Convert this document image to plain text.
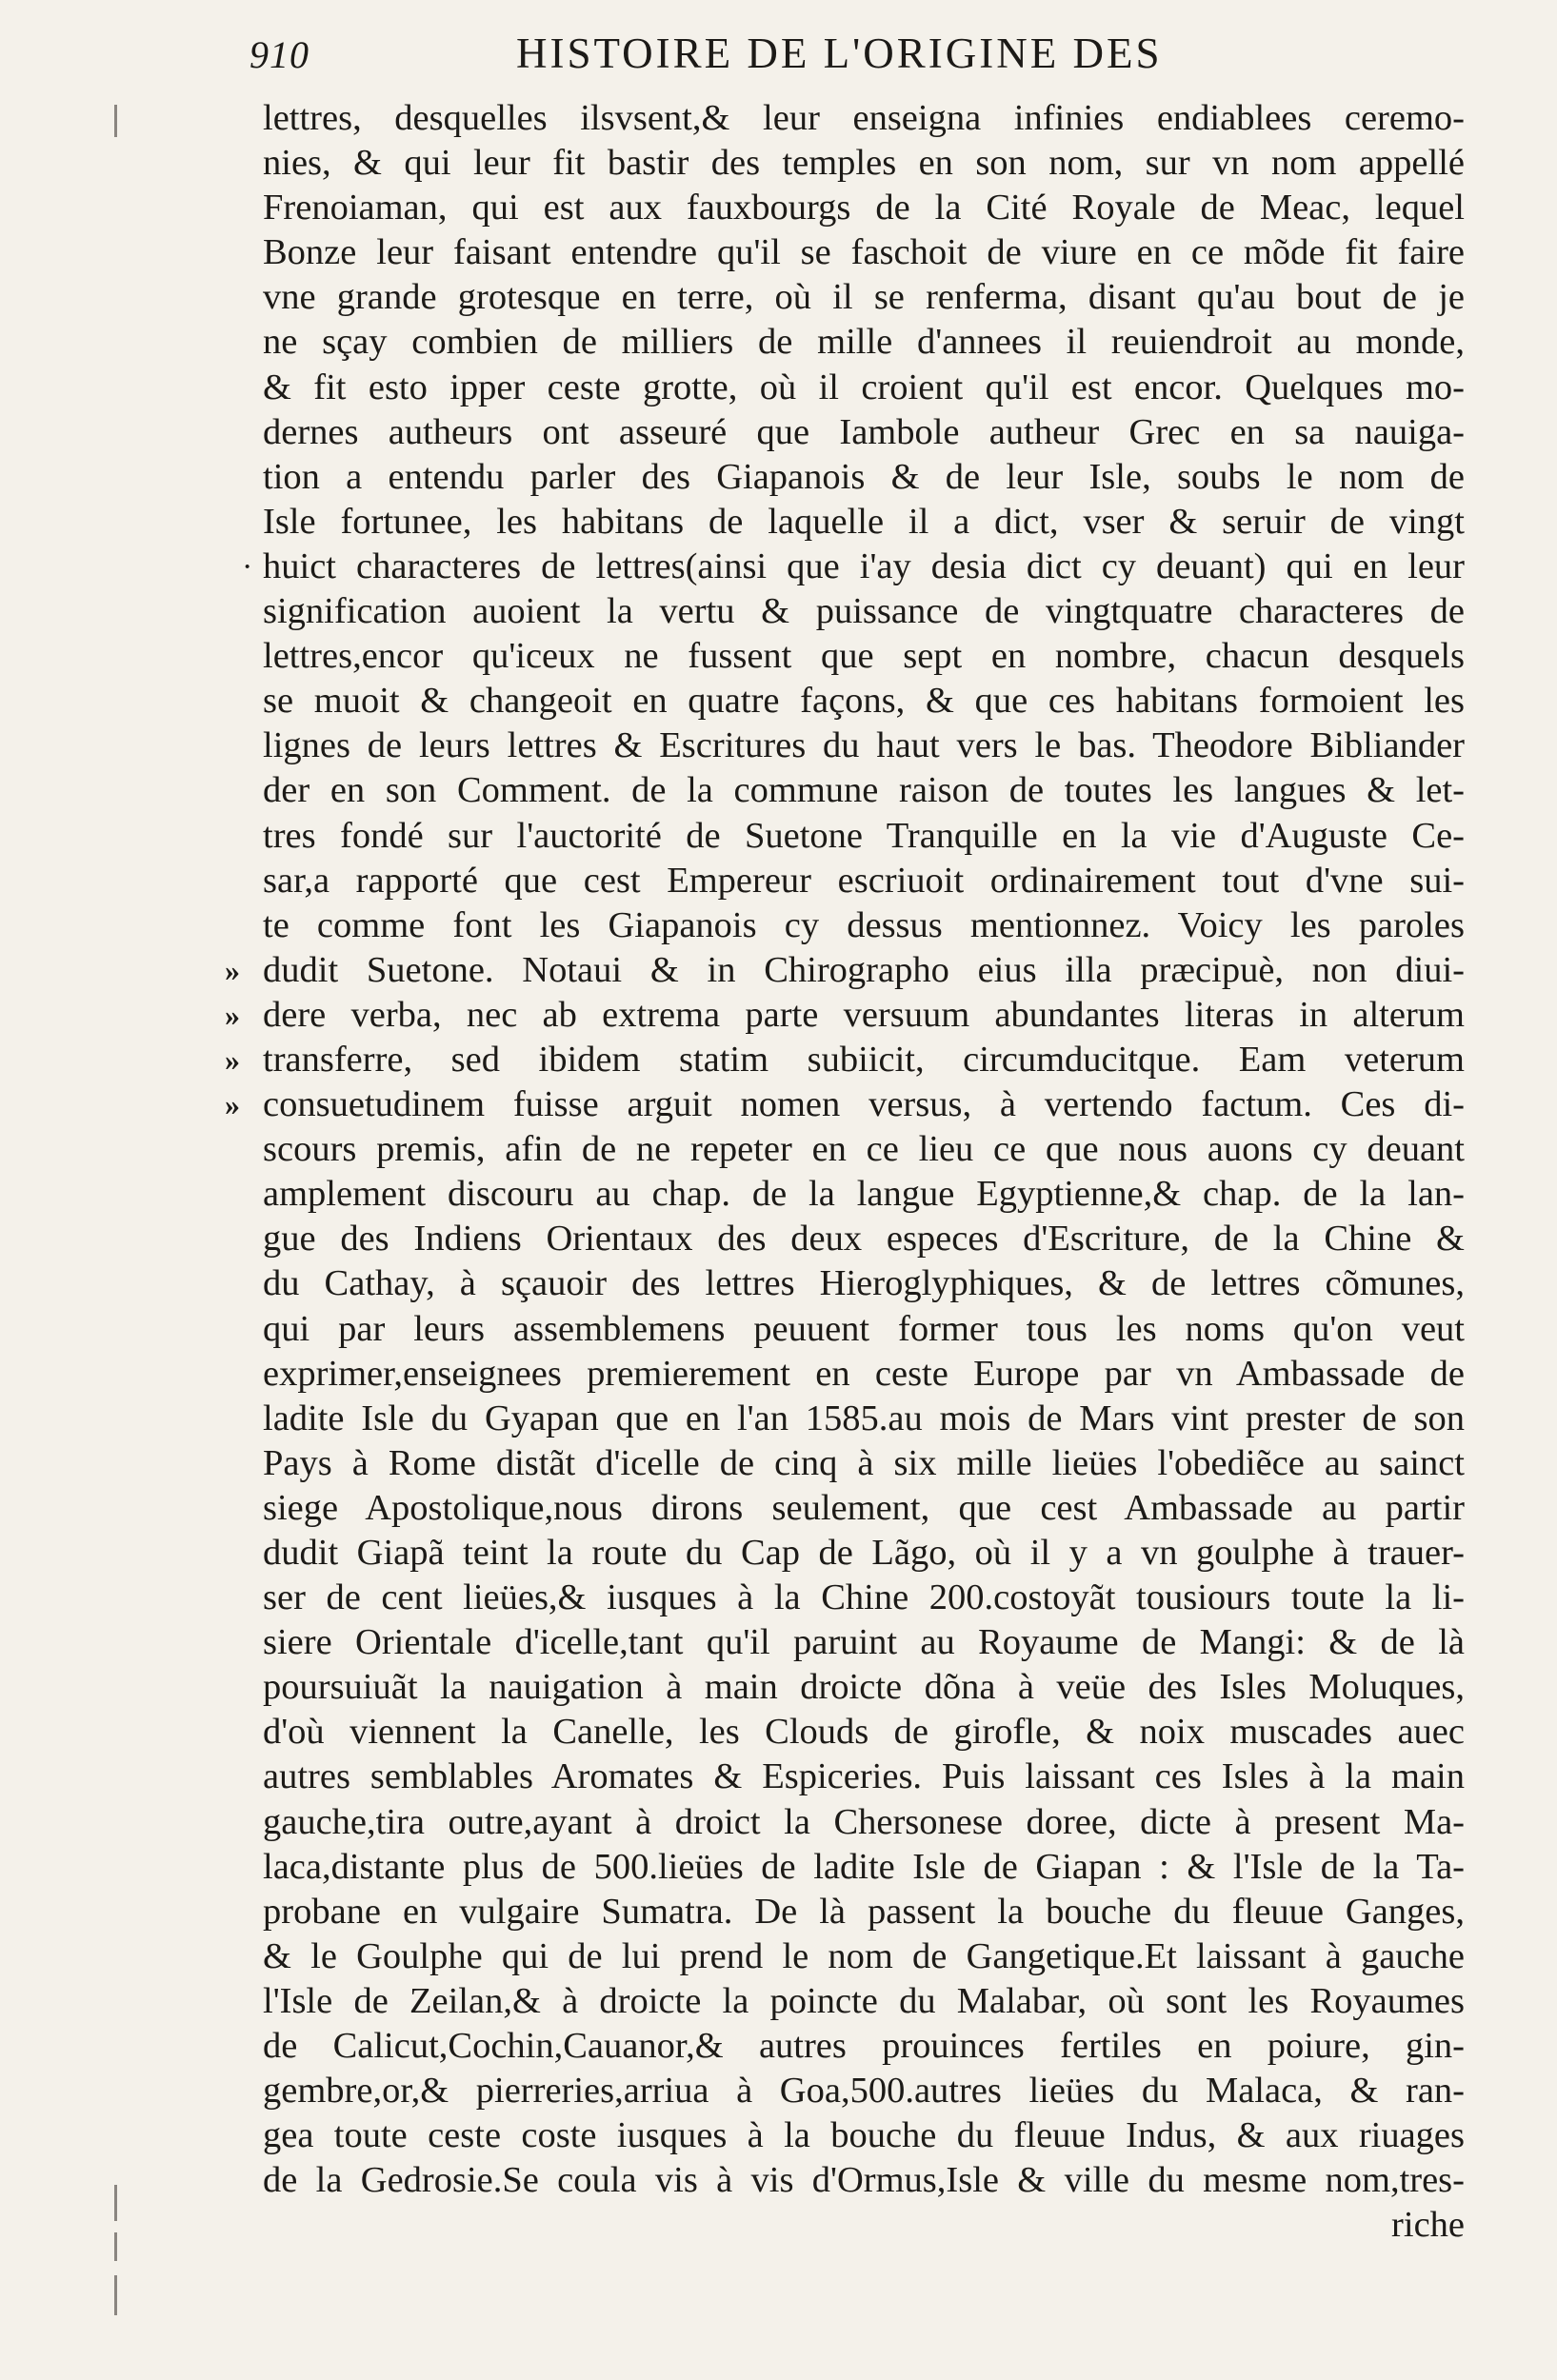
910	HISTOIRE DE L'ORIGINE DES
lettres, desquelles ilsvsent,& leur enseigna infinies endiablees ceremo-
nies, & qui leur fit bastir des temples en son nom, sur vn nom appellé
Frenoiaman, qui est aux fauxbourgs de la Cité Royale de Meac, lequel
Bonze leur faisant entendre qu'il se faschoit de viure en ce mõde fit faire
vne grande grotesque en terre, où il se renferma, disant qu'au bout de je
ne sçay combien de milliers de mille d'annees il reuiendroit au monde,
& fit esto ipper ceste grotte, où il croient qu'il est encor. Quelques mo-
dernes autheurs ont asseuré que Iambole autheur Grec en sa nauiga-
tion a entendu parler des Giapanois & de leur Isle, soubs le nom de
Isle fortunee, les habitans de laquelle il a dict, vser & seruir de vingt
· huict characteres de lettres(ainsi que i'ay desia dict cy deuant) qui en leur
signification auoient la vertu & puissance de vingtquatre characteres de
lettres,encor qu'iceux ne fussent que sept en nombre, chacun desquels
se muoit & changeoit en quatre façons, & que ces habitans formoient les
lignes de leurs lettres & Escritures du haut vers le bas. Theodore Bibliander
der en son Comment. de la commune raison de toutes les langues & let-
tres fondé sur l'auctorité de Suetone Tranquille en la vie d'Auguste Ce-
sar,a rapporté que cest Empereur escriuoit ordinairement tout d'vne sui-
te comme font les Giapanois cy dessus mentionnez. Voicy les paroles
» dudit Suetone. Notaui & in Chirographo eius illa præcipuè, non diui-
» dere verba, nec ab extrema parte versuum abundantes literas in alterum
» transferre, sed ibidem statim subiicit, circumducitque. Eam veterum
» consuetudinem fuisse arguit nomen versus, à vertendo factum. Ces di-
scours premis, afin de ne repeter en ce lieu ce que nous auons cy deuant
amplement discouru au chap. de la langue Egyptienne,& chap. de la lan-
gue des Indiens Orientaux des deux especes d'Escriture, de la Chine &
du Cathay, à sçauoir des lettres Hieroglyphiques, & de lettres cõmunes,
qui par leurs assemblemens peuuent former tous les noms qu'on veut
exprimer,enseignees premierement en ceste Europe par vn Ambassade de
ladite Isle du Gyapan que en l'an 1585.au mois de Mars vint prester de son
Pays à Rome distãt d'icelle de cinq à six mille lieües l'obediẽce au sainct
siege Apostolique,nous dirons seulement, que cest Ambassade au partir
dudit Giapã teint la route du Cap de Lãgo, où il y a vn goulphe à trauer-
ser de cent lieües,& iusques à la Chine 200.costoyãt tousiours toute la li-
siere Orientale d'icelle,tant qu'il paruint au Royaume de Mangi: & de là
poursuiuãt la nauigation à main droicte dõna à veüe des Isles Moluques,
d'où viennent la Canelle, les Clouds de girofle, & noix muscades auec
autres semblables Aromates & Espiceries. Puis laissant ces Isles à la main
gauche,tira outre,ayant à droict la Chersonese doree, dicte à present Ma-
laca,distante plus de 500.lieües de ladite Isle de Giapan : & l'Isle de la Ta-
probane en vulgaire Sumatra. De là passent la bouche du fleuue Ganges,
& le Goulphe qui de lui prend le nom de Gangetique.Et laissant à gauche
l'Isle de Zeilan,& à droicte la poincte du Malabar, où sont les Royaumes
de Calicut,Cochin,Cauanor,& autres prouinces fertiles en poiure, gin-
gembre,or,& pierreries,arriua à Goa,500.autres lieües du Malaca, & ran-
gea toute ceste coste iusques à la bouche du fleuue Indus, & aux riuages
de la Gedrosie.Se coula vis à vis d'Ormus,Isle & ville du mesme nom,tres-
riche
